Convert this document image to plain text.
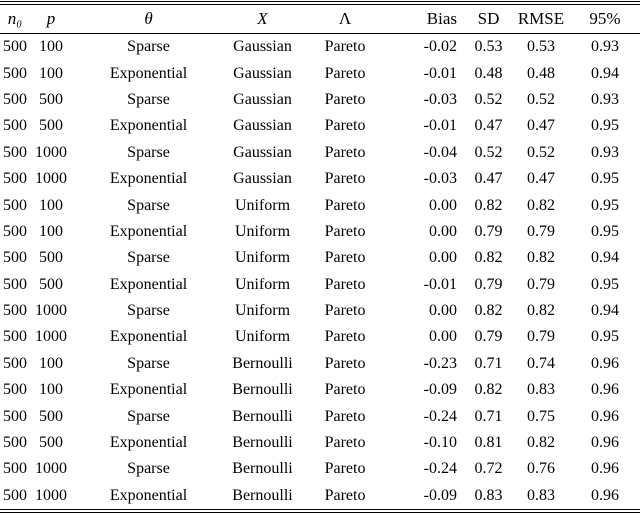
n₀	p	θ	X	Λ	Bias	SD	RMSE	95%
500	100	Sparse	Gaussian	Pareto	-0.02	0.53	0.53	0.93
500	100	Exponential	Gaussian	Pareto	-0.01	0.48	0.48	0.94
500	500	Sparse	Gaussian	Pareto	-0.03	0.52	0.52	0.93
500	500	Exponential	Gaussian	Pareto	-0.01	0.47	0.47	0.95
500	1000	Sparse	Gaussian	Pareto	-0.04	0.52	0.52	0.93
500	1000	Exponential	Gaussian	Pareto	-0.03	0.47	0.47	0.95
500	100	Sparse	Uniform	Pareto	0.00	0.82	0.82	0.95
500	100	Exponential	Uniform	Pareto	0.00	0.79	0.79	0.95
500	500	Sparse	Uniform	Pareto	0.00	0.82	0.82	0.94
500	500	Exponential	Uniform	Pareto	-0.01	0.79	0.79	0.95
500	1000	Sparse	Uniform	Pareto	0.00	0.82	0.82	0.94
500	1000	Exponential	Uniform	Pareto	0.00	0.79	0.79	0.95
500	100	Sparse	Bernoulli	Pareto	-0.23	0.71	0.74	0.96
500	100	Exponential	Bernoulli	Pareto	-0.09	0.82	0.83	0.96
500	500	Sparse	Bernoulli	Pareto	-0.24	0.71	0.75	0.96
500	500	Exponential	Bernoulli	Pareto	-0.10	0.81	0.82	0.96
500	1000	Sparse	Bernoulli	Pareto	-0.24	0.72	0.76	0.96
500	1000	Exponential	Bernoulli	Pareto	-0.09	0.83	0.83	0.96
